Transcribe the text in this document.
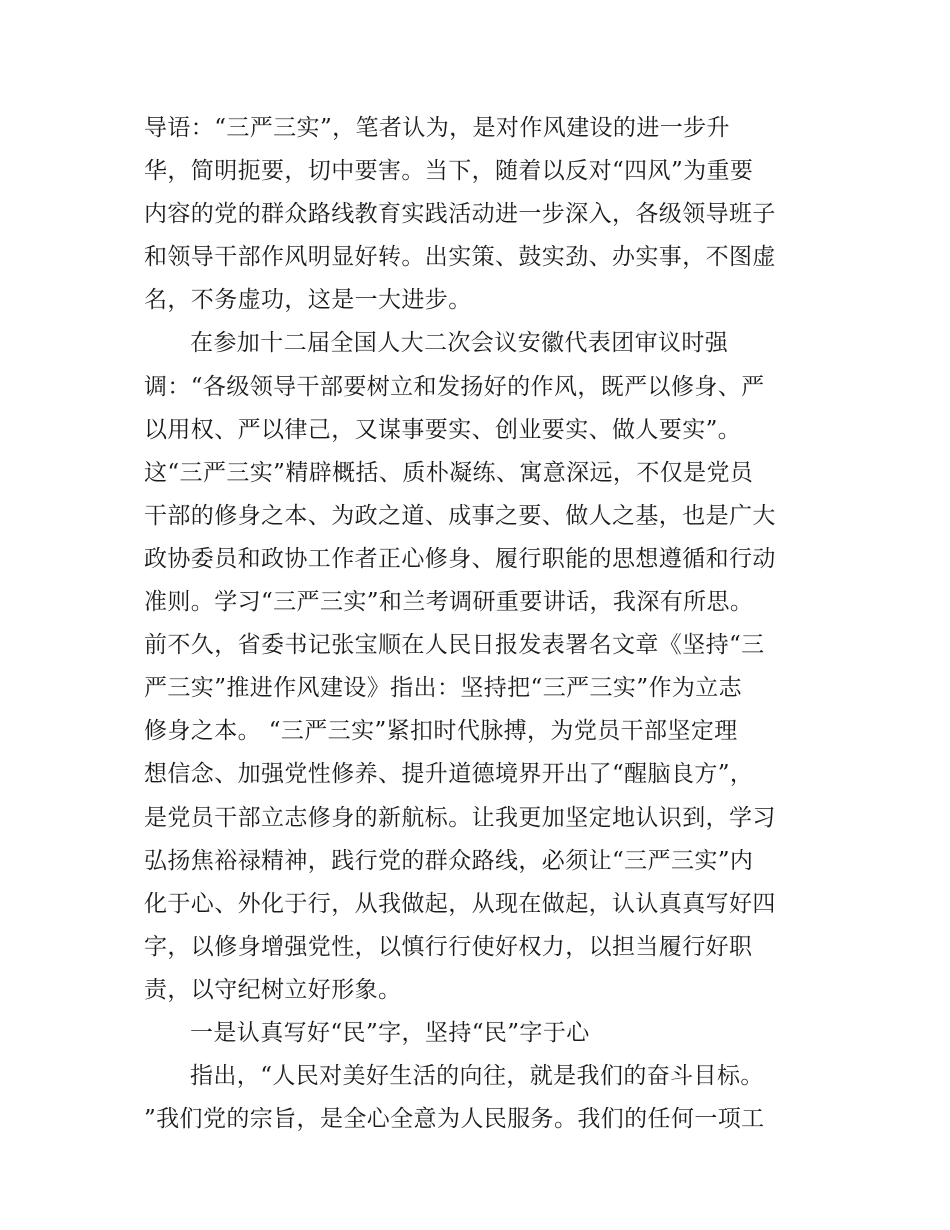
导语：“三严三实”，笔者认为，是对作风建设的进一步升
华，简明扼要，切中要害。当下，随着以反对“四风”为重要
内容的党的群众路线教育实践活动进一步深入，各级领导班子
和领导干部作风明显好转。出实策、鼓实劲、办实事，不图虚
名，不务虚功，这是一大进步。
在参加十二届全国人大二次会议安徽代表团审议时强
调：“各级领导干部要树立和发扬好的作风，既严以修身、严
以用权、严以律己，又谋事要实、创业要实、做人要实”。
这“三严三实”精辟概括、质朴凝练、寓意深远，不仅是党员
干部的修身之本、为政之道、成事之要、做人之基，也是广大
政协委员和政协工作者正心修身、履行职能的思想遵循和行动
准则。学习“三严三实”和兰考调研重要讲话，我深有所思。
前不久，省委书记张宝顺在人民日报发表署名文章《坚持“三
严三实”推进作风建设》指出：坚持把“三严三实”作为立志
修身之本。 “三严三实”紧扣时代脉搏，为党员干部坚定理
想信念、加强党性修养、提升道德境界开出了“醒脑良方”，
是党员干部立志修身的新航标。让我更加坚定地认识到，学习
弘扬焦裕禄精神，践行党的群众路线，必须让“三严三实”内
化于心、外化于行，从我做起，从现在做起，认认真真写好四
字，以修身增强党性，以慎行行使好权力，以担当履行好职
责，以守纪树立好形象。
一是认真写好“民”字，坚持“民”字于心
指出，“人民对美好生活的向往，就是我们的奋斗目标。
”我们党的宗旨，是全心全意为人民服务。我们的任何一项工
